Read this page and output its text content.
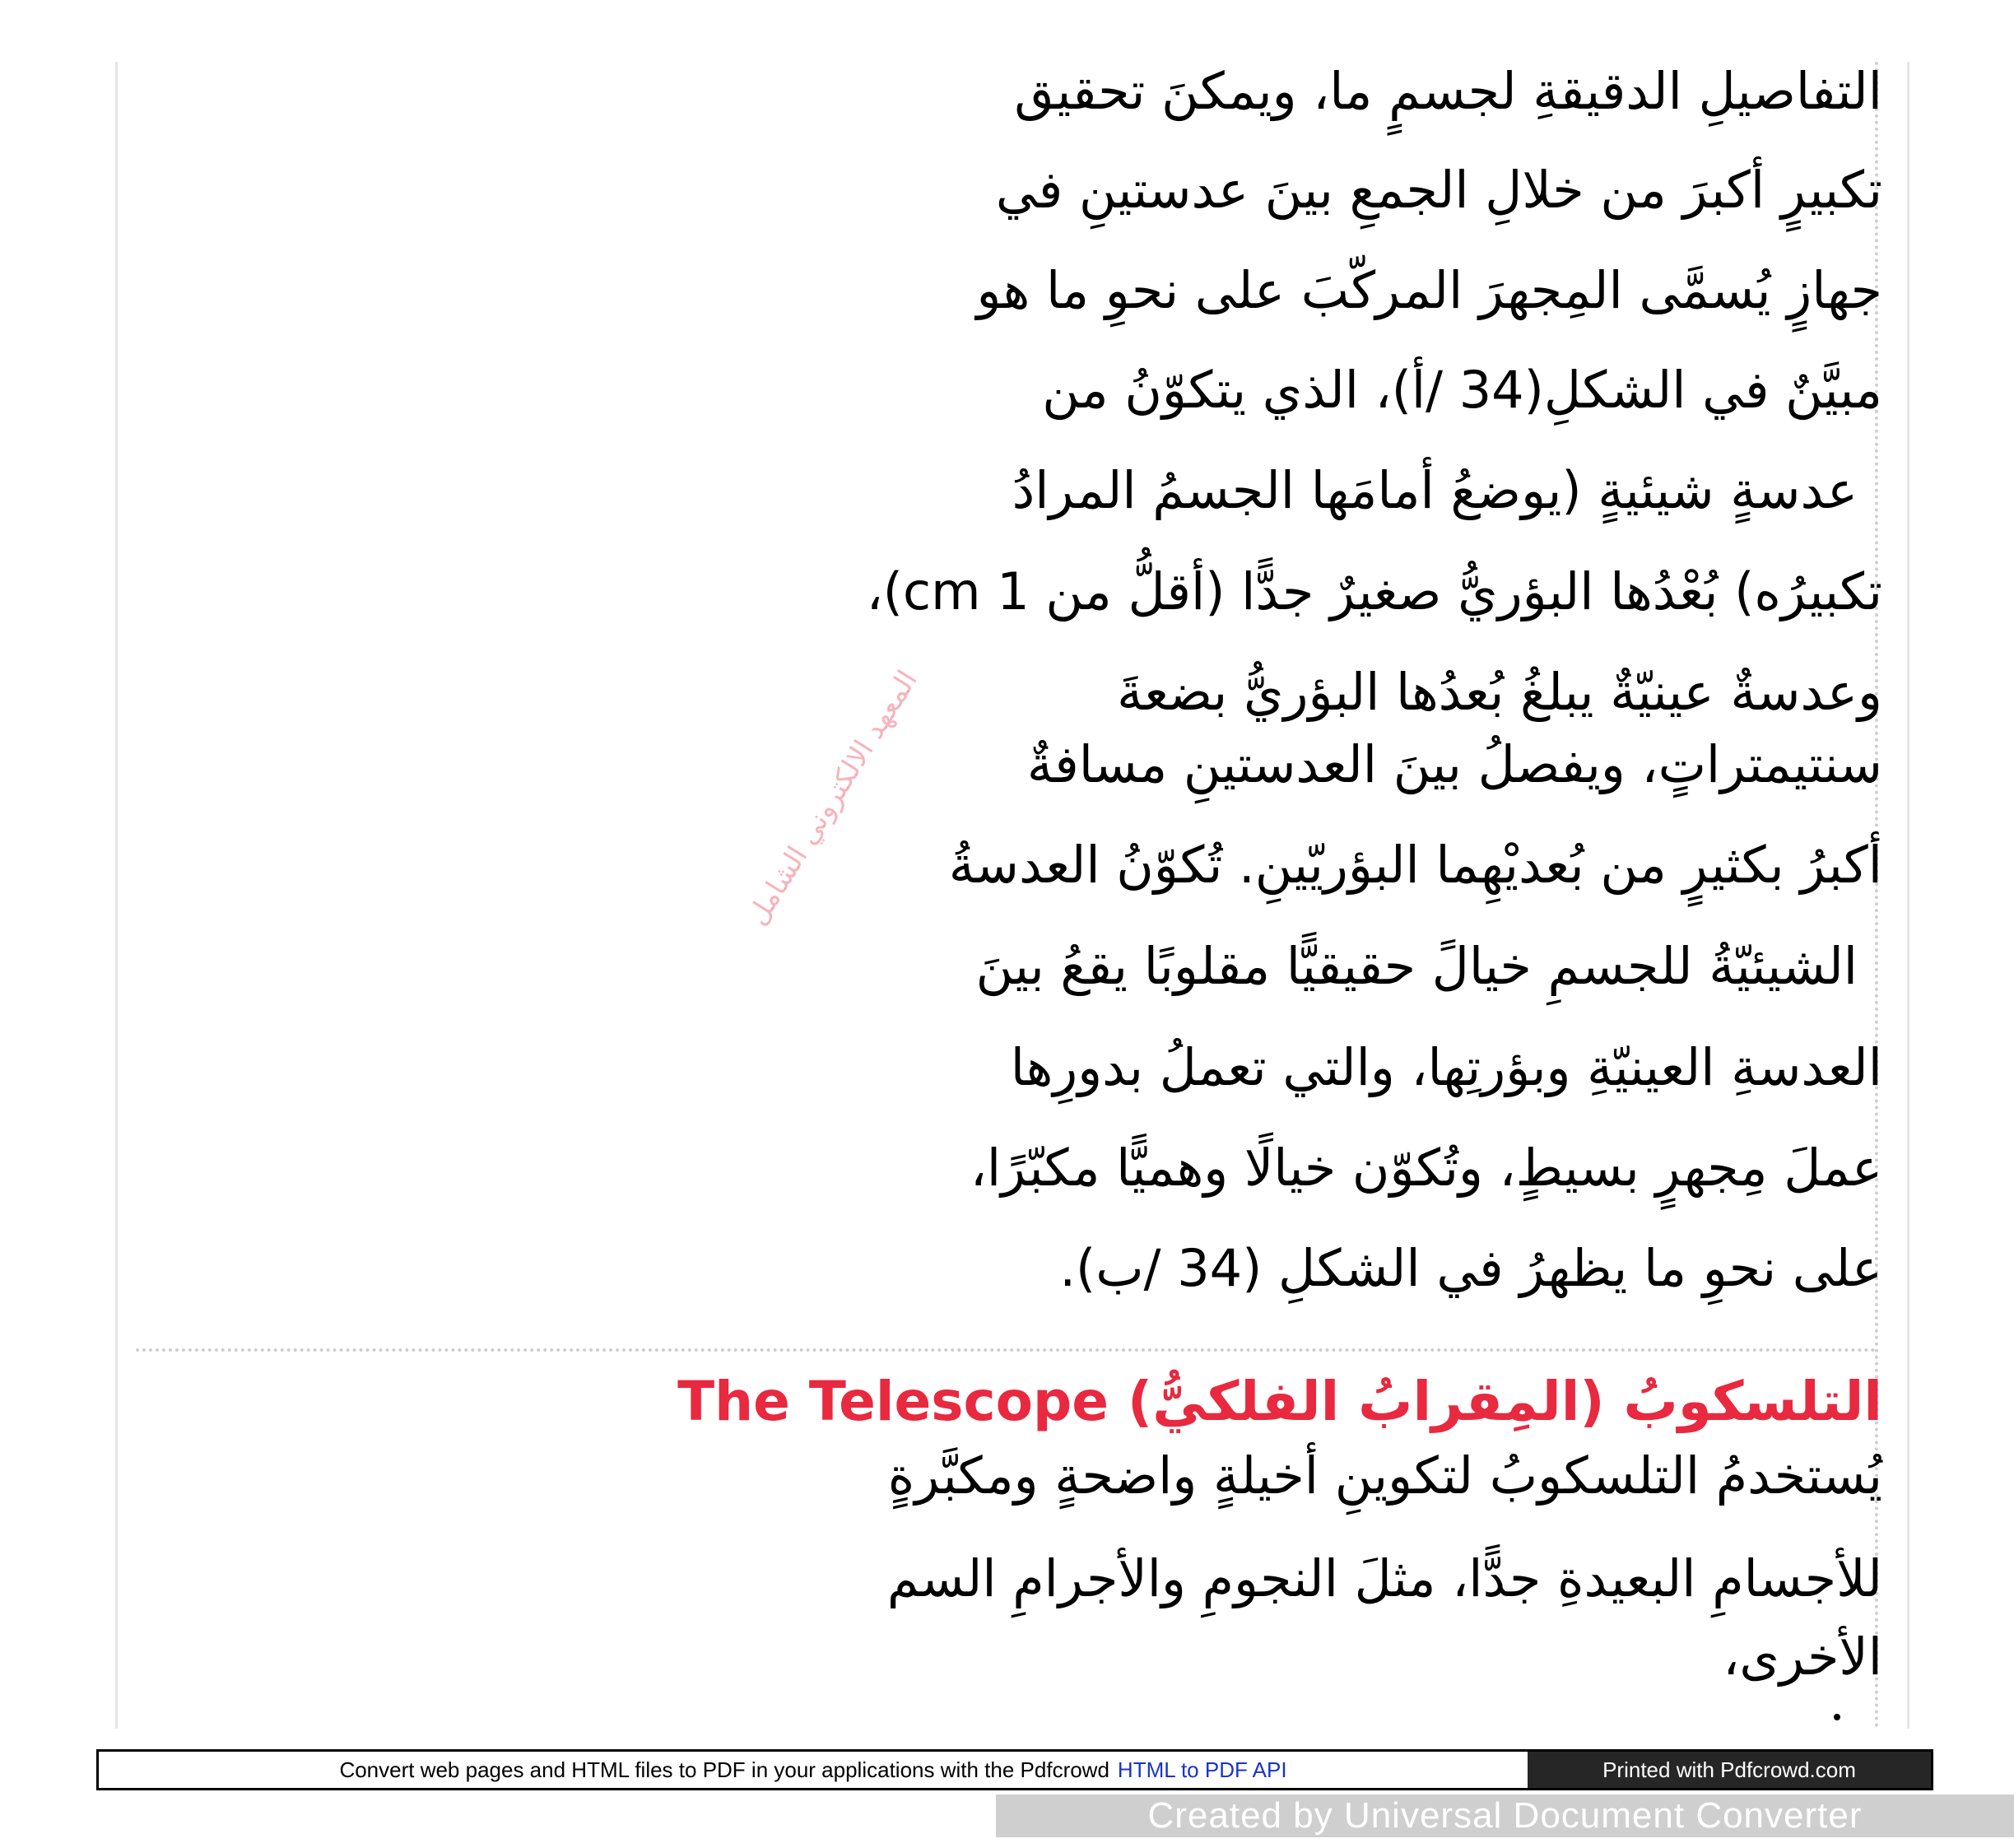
التفاصيلِ الدقيقةِ لجسمٍ ما، ويمكنَ تحقيق
تكبيرٍ أكبرَ من خلالِ الجمعِ بينَ عدستينِ في
جهازٍ يُسمَّى المِجهرَ المركّبَ على نحوِ ما هو
مبيَّنٌ في الشكلِ(34 /أ)، الذي يتكوّنُ من
عدسةٍ شيئيةٍ (يوضعُ أمامَها الجسمُ المرادُ
تكبيرُه) بُعْدُها البؤريُّ صغيرٌ جدًّا (أقلُّ من cm 1)،
وعدسةٌ عينيّةٌ يبلغُ بُعدُها البؤريُّ بضعةَ
سنتيمتراتٍ، ويفصلُ بينَ العدستينِ مسافةٌ
أكبرُ بكثيرٍ من بُعديْهِما البؤريّينِ. تُكوّنُ العدسةُ
الشيئيّةُ للجسمِ خيالً حقيقيًّا مقلوبًا يقعُ بينَ
العدسةِ العينيّةِ وبؤرتِها، والتي تعملُ بدورِها
عملَ مِجهرٍ بسيطٍ، وتُكوّن خيالًا وهميًّا مكبّرًا،
على نحوِ ما يظهرُ في الشكلِ (34 /ب).
المعهد الالكتروني الشامل
التلسكوبُ (المِقرابُ الفلكيُّ) The Telescope
يُستخدمُ التلسكوبُ لتكوينِ أخيلةٍ واضحةٍ ومكبَّرةٍ
للأجسامِ البعيدةِ جدًّا، مثلَ النجومِ والأجرامِ السم
الأخرى،
Convert web pages and HTML files to PDF in your applications with the Pdfcrowd HTML to PDF API	Printed with Pdfcrowd.com
Created by Universal Document Converter
